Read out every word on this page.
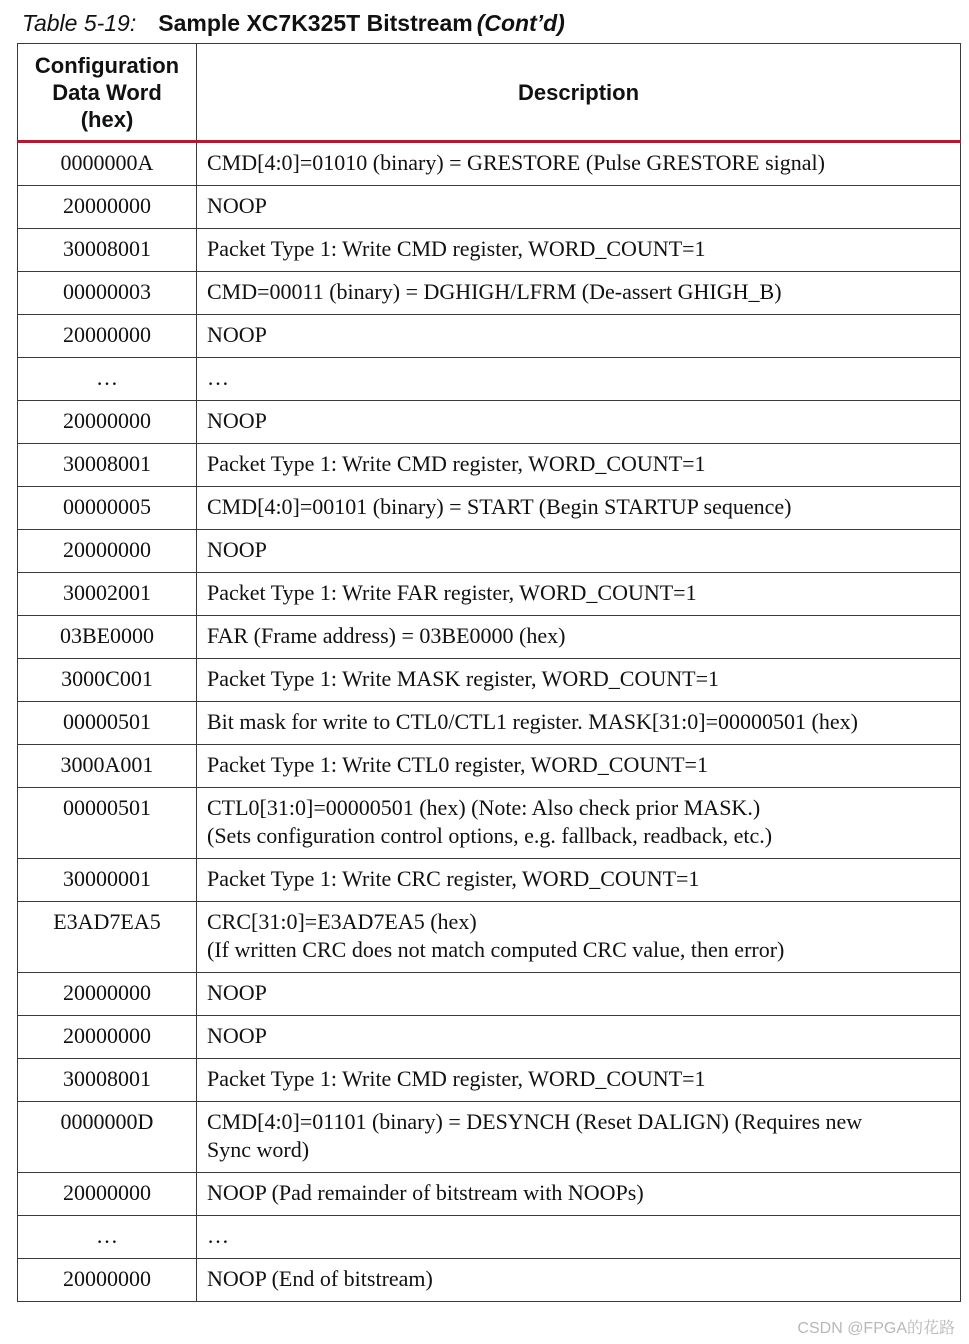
Table 5-19: Sample XC7K325T Bitstream (Cont’d)
Configuration
Data Word
(hex)	Description
0000000A	CMD[4:0]=01010 (binary) = GRESTORE (Pulse GRESTORE signal)

20000000	NOOP

30008001	Packet Type 1: Write CMD register, WORD_COUNT=1

00000003	CMD=00011 (binary) = DGHIGH/LFRM (De-assert GHIGH_B)

20000000	NOOP

…	…

20000000	NOOP

30008001	Packet Type 1: Write CMD register, WORD_COUNT=1

00000005	CMD[4:0]=00101 (binary) = START (Begin STARTUP sequence)

20000000	NOOP

30002001	Packet Type 1: Write FAR register, WORD_COUNT=1

03BE0000	FAR (Frame address) = 03BE0000 (hex)

3000C001	Packet Type 1: Write MASK register, WORD_COUNT=1

00000501	Bit mask for write to CTL0/CTL1 register. MASK[31:0]=00000501 (hex)

3000A001	Packet Type 1: Write CTL0 register, WORD_COUNT=1

00000501	CTL0[31:0]=00000501 (hex) (Note: Also check prior MASK.)
(Sets configuration control options, e.g. fallback, readback, etc.)

30000001	Packet Type 1: Write CRC register, WORD_COUNT=1

E3AD7EA5	CRC[31:0]=E3AD7EA5 (hex)
(If written CRC does not match computed CRC value, then error)

20000000	NOOP

20000000	NOOP

30008001	Packet Type 1: Write CMD register, WORD_COUNT=1

0000000D	CMD[4:0]=01101 (binary) = DESYNCH (Reset DALIGN) (Requires new
Sync word)

20000000	NOOP (Pad remainder of bitstream with NOOPs)

…	…

20000000	NOOP (End of bitstream)
CSDN @FPGA的花路
